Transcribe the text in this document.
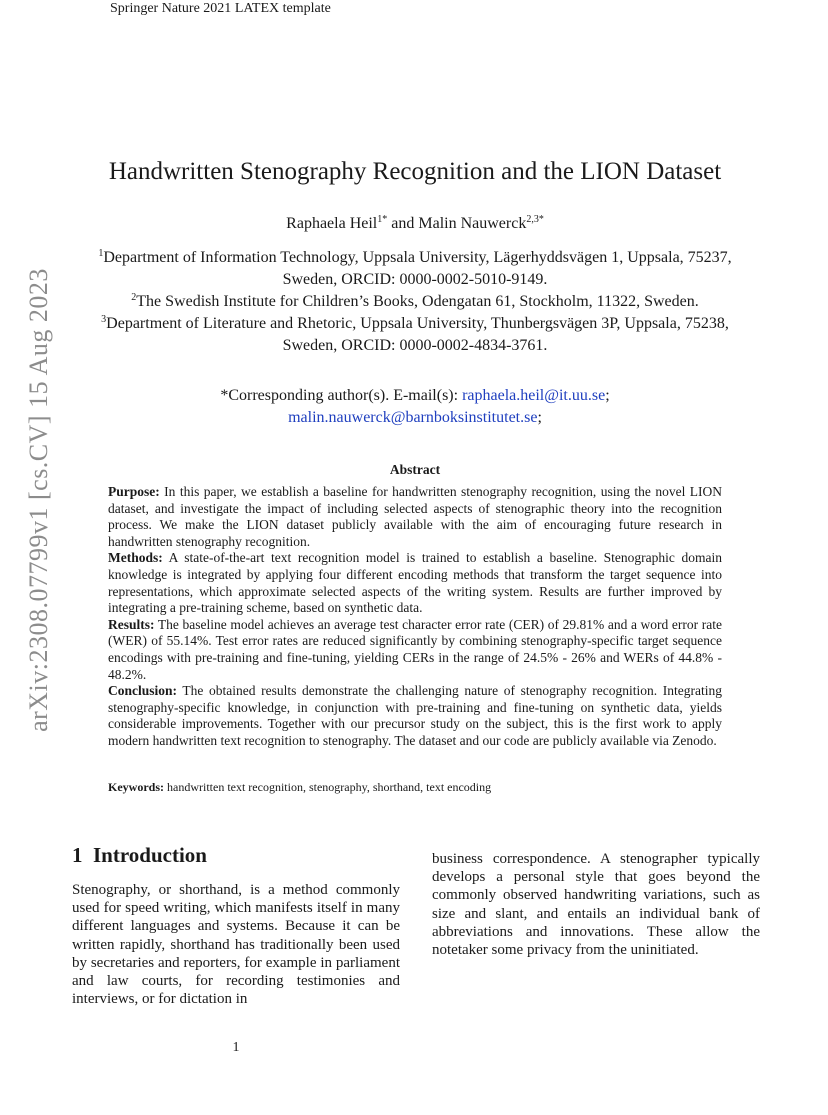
Springer Nature 2021 LATEX template
arXiv:2308.07799v1 [cs.CV] 15 Aug 2023
Handwritten Stenography Recognition and the LION Dataset
Raphaela Heil$^{1*}$ and Malin Nauwerck$^{2,3*}$
$^1$Department of Information Technology, Uppsala University, Lägerhyddsvägen 1, Uppsala, 75237, Sweden, ORCID: 0000-0002-5010-9149.
$^2$The Swedish Institute for Children’s Books, Odengatan 61, Stockholm, 11322, Sweden.
$^3$Department of Literature and Rhetoric, Uppsala University, Thunbergsvägen 3P, Uppsala, 75238, Sweden, ORCID: 0000-0002-4834-3761.
*Corresponding author(s). E-mail(s): raphaela.heil@it.uu.se;
malin.nauwerck@barnboksinstitutet.se;
Abstract

Purpose: In this paper, we establish a baseline for handwritten stenography recognition, using the novel LION dataset, and investigate the impact of including selected aspects of stenographic theory into the recognition process. We make the LION dataset publicly available with the aim of encouraging future research in handwritten stenography recognition.

Methods: A state-of-the-art text recognition model is trained to establish a baseline. Stenographic domain knowledge is integrated by applying four different encoding methods that transform the target sequence into representations, which approximate selected aspects of the writing system. Results are further improved by integrating a pre-training scheme, based on synthetic data.

Results: The baseline model achieves an average test character error rate (CER) of 29.81% and a word error rate (WER) of 55.14%. Test error rates are reduced significantly by combining stenography-specific target sequence encodings with pre-training and fine-tuning, yielding CERs in the range of 24.5% - 26% and WERs of 44.8% - 48.2%.

Conclusion: The obtained results demonstrate the challenging nature of stenography recognition. Integrating stenography-specific knowledge, in conjunction with pre-training and fine-tuning on synthetic data, yields considerable improvements. Together with our precursor study on the subject, this is the first work to apply modern handwritten text recognition to stenography. The dataset and our code are publicly available via Zenodo.

Keywords: handwritten text recognition, stenography, shorthand, text encoding
1 Introduction

Stenography, or shorthand, is a method commonly used for speed writing, which manifests itself in many different languages and systems. Because it can be written rapidly, shorthand has traditionally been used by secretaries and reporters, for example in parliament and law courts, for recording testimonies and interviews, or for dictation in

business correspondence. A stenographer typically develops a personal style that goes beyond the commonly observed handwriting variations, such as size and slant, and entails an individual bank of abbreviations and innovations. These allow the notetaker some privacy from the uninitiated.

1
